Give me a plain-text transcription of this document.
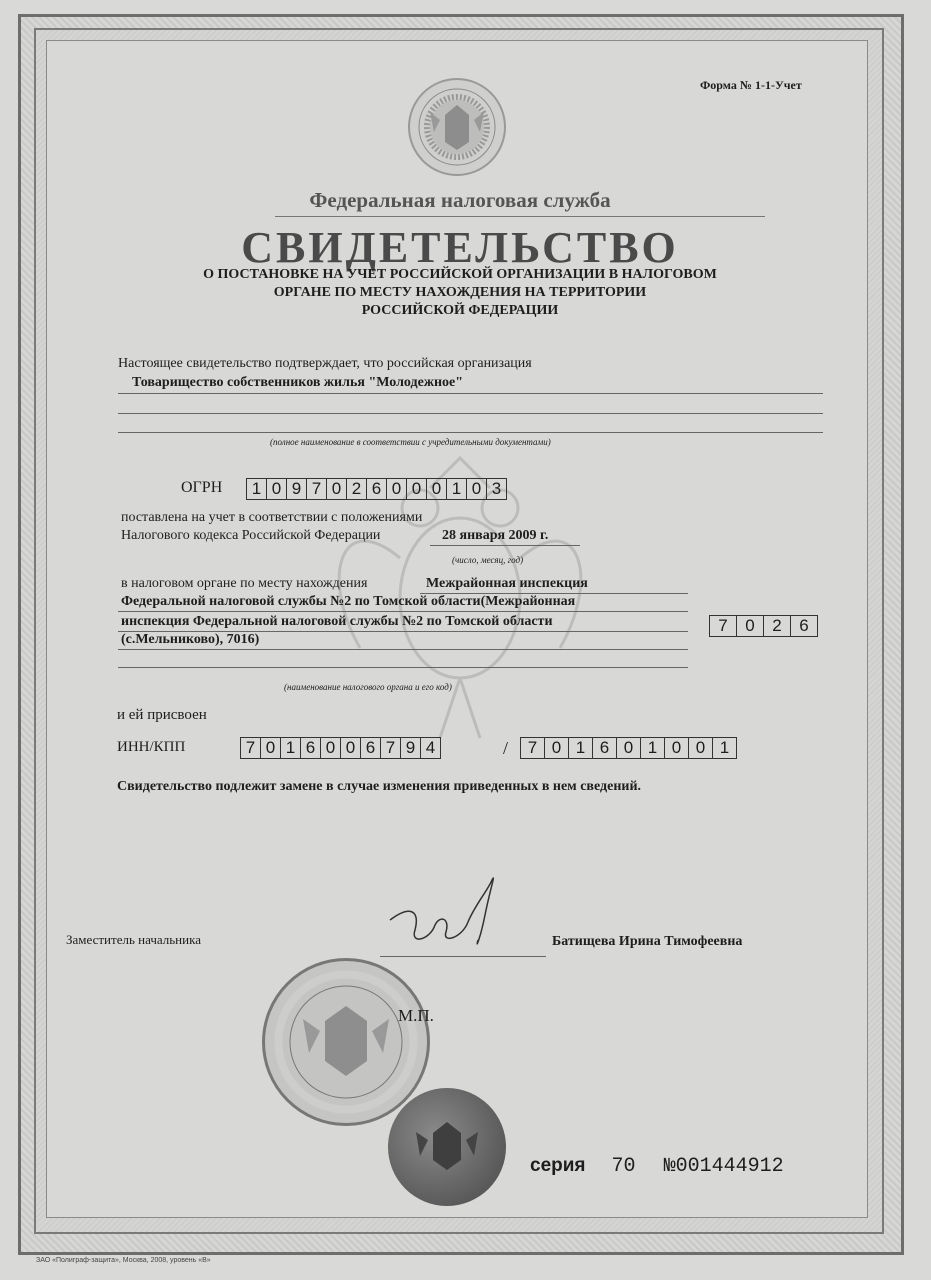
Форма № 1-1-Учет
Федеральная налоговая служба
СВИДЕТЕЛЬСТВО
О ПОСТАНОВКЕ НА УЧЕТ РОССИЙСКОЙ ОРГАНИЗАЦИИ В НАЛОГОВОМ
ОРГАНЕ ПО МЕСТУ НАХОЖДЕНИЯ НА ТЕРРИТОРИИ
РОССИЙСКОЙ ФЕДЕРАЦИИ
Настоящее свидетельство подтверждает, что российская организация
Товарищество собственников жилья "Молодежное"
(полное наименование в соответствии с учредительными документами)
ОГРН 1 0 9 7 0 2 6 0 0 0 1 0 3
поставлена на учет в соответствии с положениями
Налогового кодекса Российской Федерации	28 января 2009 г.
(число, месяц, год)
в налоговом органе по месту нахождения	Межрайонная инспекция
Федеральной налоговой службы №2 по Томской области(Межрайонная
инспекция Федеральной налоговой службы №2 по Томской области
(с.Мельниково), 7016)
7	0	2	6
(наименование налогового органа и его код)
и ей присвоен
ИНН/КПП	7 0 1 6 0 0 6 7 9 4	/	7 0 1 6 0 1 0 0 1
Свидетельство подлежит замене в случае изменения приведенных в нем сведений.
Заместитель начальника	Батищева Ирина Тимофеевна
М.П.
серия 70 №001444912
ЗАО «Полиграф-защита», Москва, 2008, уровень «В»
